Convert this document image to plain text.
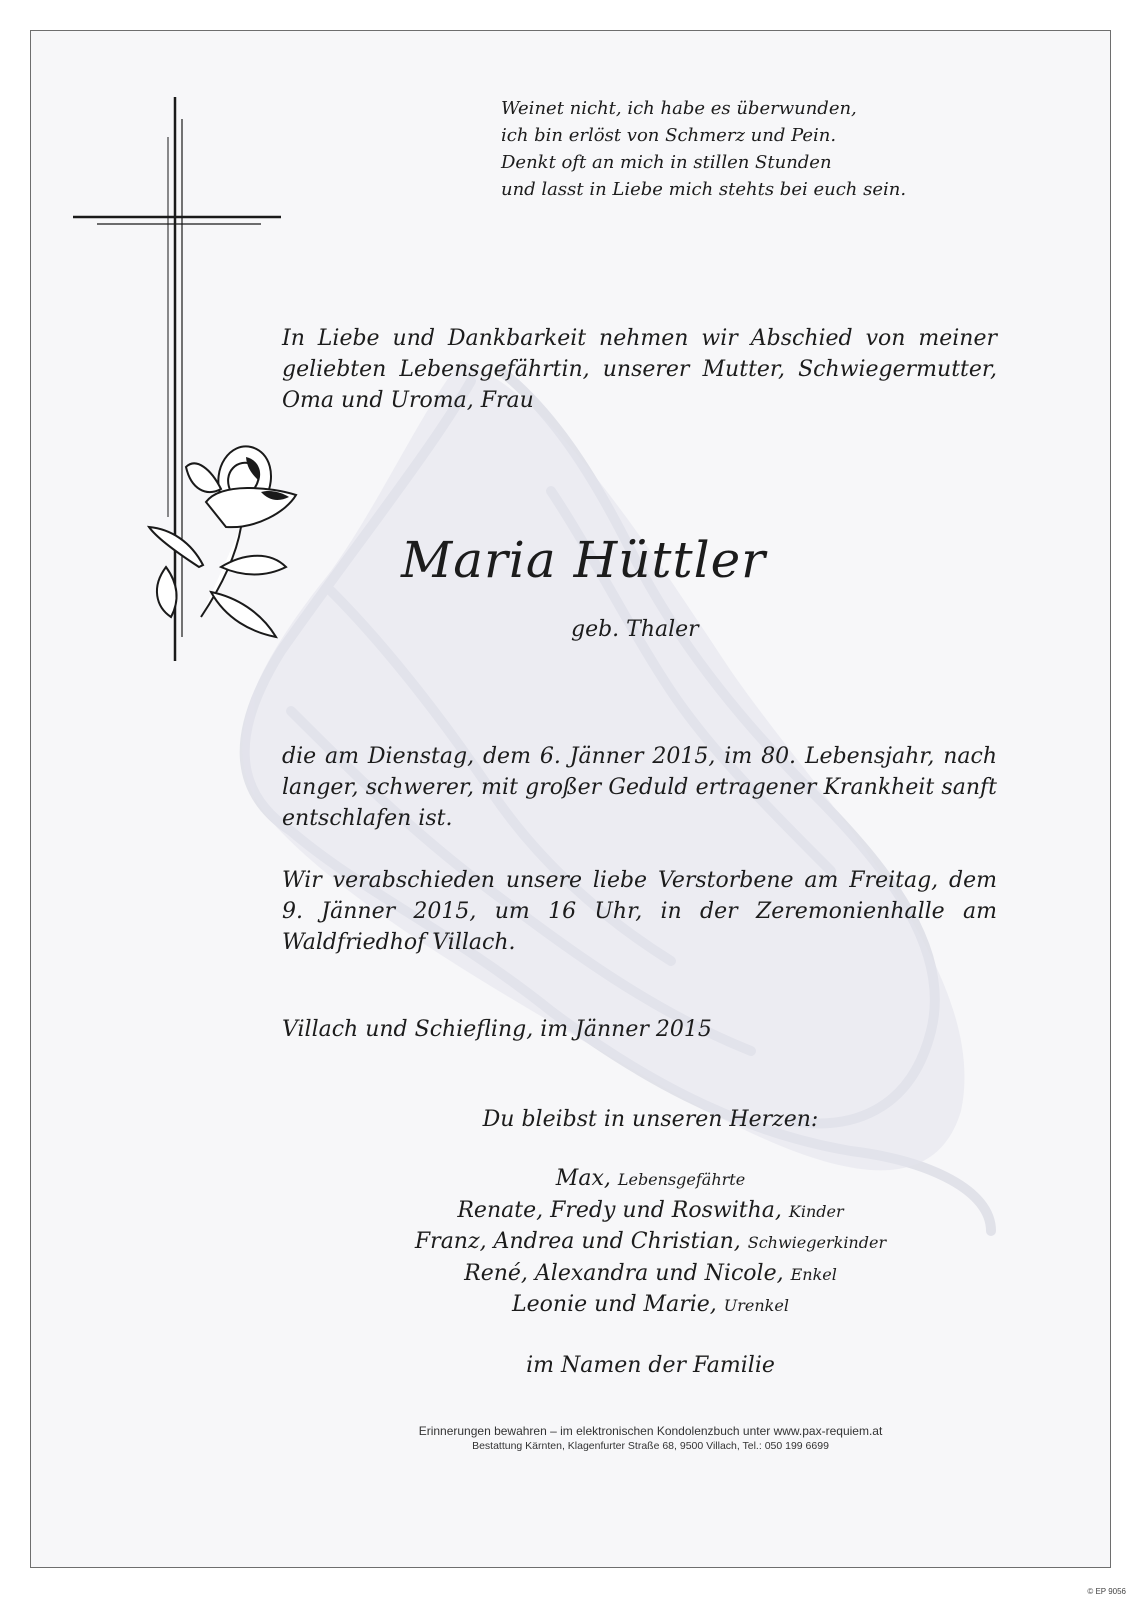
Weinet nicht, ich habe es überwunden,
ich bin erlöst von Schmerz und Pein.
Denkt oft an mich in stillen Stunden
und lasst in Liebe mich stehts bei euch sein.
In Liebe und Dankbarkeit nehmen wir Abschied von meiner geliebten Lebensgefährtin, unserer Mutter, Schwiegermutter, Oma und Uroma, Frau
Maria Hüttler
geb. Thaler
die am Dienstag, dem 6. Jänner 2015, im 80. Lebensjahr, nach langer, schwerer, mit großer Geduld ertragener Krankheit sanft entschlafen ist.
Wir verabschieden unsere liebe Verstorbene am Freitag, dem 9. Jänner 2015, um 16 Uhr, in der Zeremonienhalle am Waldfriedhof Villach.
Villach und Schiefling, im Jänner 2015
Du bleibst in unseren Herzen:
Max, Lebensgefährte
Renate, Fredy und Roswitha, Kinder
Franz, Andrea und Christian, Schwiegerkinder
René, Alexandra und Nicole, Enkel
Leonie und Marie, Urenkel
im Namen der Familie
Erinnerungen bewahren – im elektronischen Kondolenzbuch unter www.pax-requiem.at
Bestattung Kärnten, Klagenfurter Straße 68, 9500 Villach, Tel.: 050 199 6699
© EP 9056
